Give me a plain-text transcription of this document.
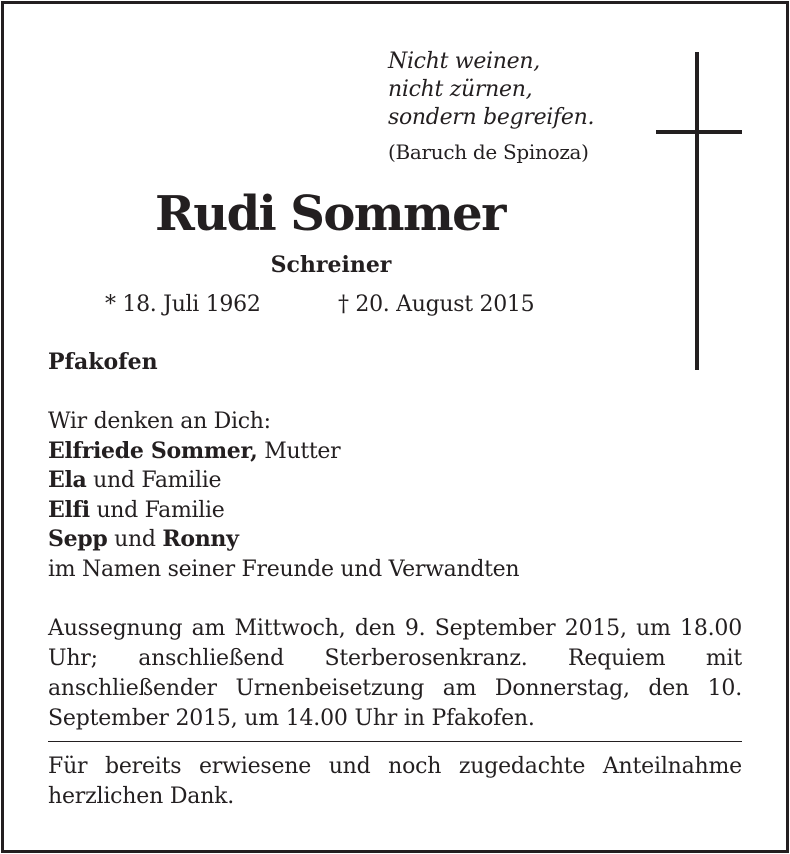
Nicht weinen,
nicht zürnen,
sondern begreifen.
(Baruch de Spinoza)
Rudi Sommer
Schreiner
* 18. Juli 1962	† 20. August 2015
Pfakofen
Wir denken an Dich:
Elfriede Sommer, Mutter
Ela und Familie
Elfi und Familie
Sepp und Ronny
im Namen seiner Freunde und Verwandten
Aussegnung am Mittwoch, den 9. September 2015, um 18.00 Uhr; anschließend Sterberosenkranz. Requiem mit anschließender Urnenbeisetzung am Donnerstag, den 10. September 2015, um 14.00 Uhr in Pfakofen.
Für bereits erwiesene und noch zugedachte Anteilnahme herzlichen Dank.
